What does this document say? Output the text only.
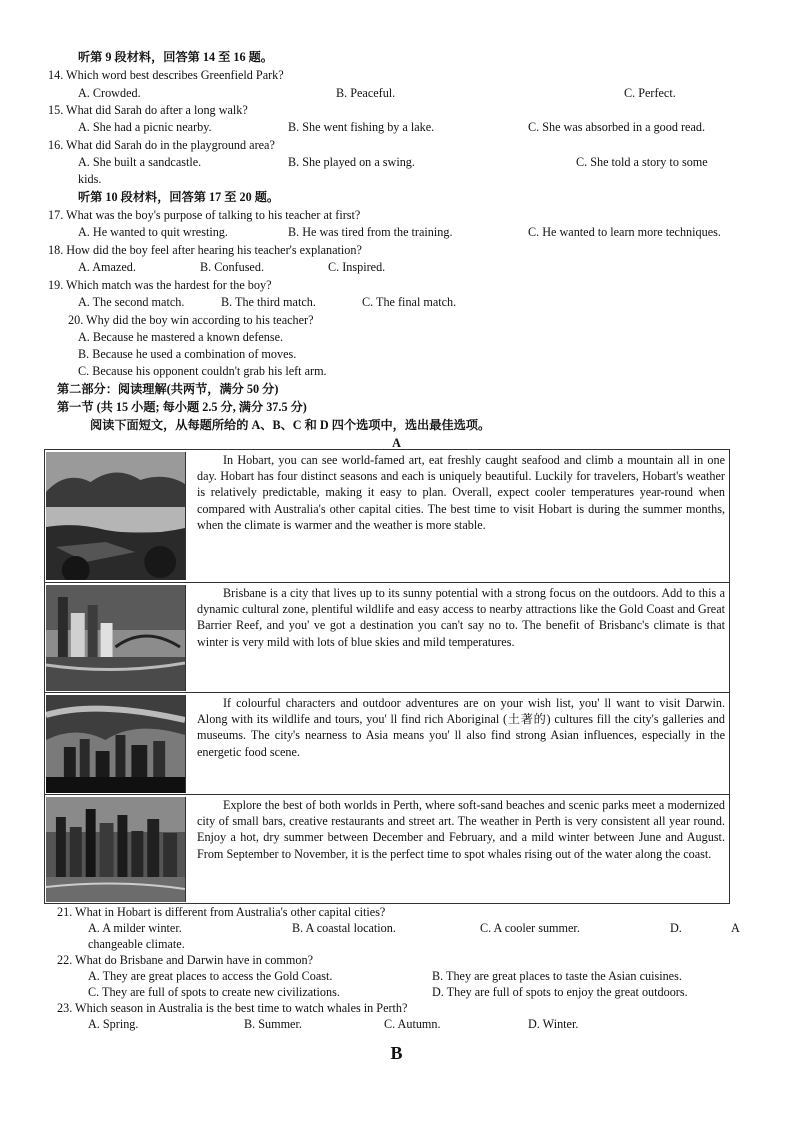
听第 9 段材料，回答第 14 至 16 题。
14. Which word best describes Greenfield Park?
A. Crowded.	B. Peaceful.	C. Perfect.
15. What did Sarah do after a long walk?
A. She had a picnic nearby.	B. She went fishing by a lake.	C. She was absorbed in a good read.
16. What did Sarah do in the playground area?
A. She built a sandcastle.	B. She played on a swing.	C. She told a story to some
kids.
听第 10 段材料，回答第 17 至 20 题。
17. What was the boy's purpose of talking to his teacher at first?
A. He wanted to quit wresting.	B. He was tired from the training.	C. He wanted to learn more techniques.
18. How did the boy feel after hearing his teacher's explanation?
A. Amazed.	B. Confused.	C. Inspired.
19. Which match was the hardest for the boy?
A. The second match.	B. The third match.	C. The final match.
20. Why did the boy win according to his teacher?
A. Because he mastered a known defense.
B. Because he used a combination of moves.
C. Because his opponent couldn't grab his left arm.
第二部分：阅读理解(共两节，满分 50 分)
第一节 (共 15 小题; 每小题 2.5 分, 满分 37.5 分)
阅读下面短文，从每题所给的 A、B、C 和 D 四个选项中，选出最佳选项。
A

In Hobart, you can see world-famed art, eat freshly caught seafood and climb a mountain all in one day. Hobart has four distinct seasons and each is uniquely beautiful. Luckily for travelers, Hobart's weather is relatively predictable, making it easy to plan. Overall, expect cooler temperatures year-round when compared with Australia's other capital cities. The best time to visit Hobart is during the summer months, when the climate is warmer and the weather is more stable.

Brisbane is a city that lives up to its sunny potential with a strong focus on the outdoors. Add to this a dynamic cultural zone, plentiful wildlife and easy access to nearby attractions like the Gold Coast and Great Barrier Reef, and you' ve got a destination you can't say no to. The benefit of Brisbanc's climate is that winter is very mild with lots of blue skies and mild temperatures.

If colourful characters and outdoor adventures are on your wish list, you' ll want to visit Darwin. Along with its wildlife and tours, you' ll find rich Aboriginal (土著的) cultures fill the city's galleries and museums. The city's nearness to Asia means you' ll also find strong Asian influences, especially in the energetic food scene.

Explore the best of both worlds in Perth, where soft-sand beaches and scenic parks meet a modernized city of small bars, creative restaurants and street art. The weather in Perth is very consistent all year round. Enjoy a hot, dry summer between December and February, and a mild winter between June and August. From September to November, it is the perfect time to spot whales rising out of the water along the coast.

21. What in Hobart is different from Australia's other capital cities?
A. A milder winter.	B. A coastal location.	C. A cooler summer.	D.	A
changeable climate.
22. What do Brisbane and Darwin have in common?
A. They are great places to access the Gold Coast.	B. They are great places to taste the Asian cuisines.
C. They are full of spots to create new civilizations.	D. They are full of spots to enjoy the great outdoors.
23. Which season in Australia is the best time to watch whales in Perth?
A. Spring.	B. Summer.	C. Autumn.	D. Winter.
B
